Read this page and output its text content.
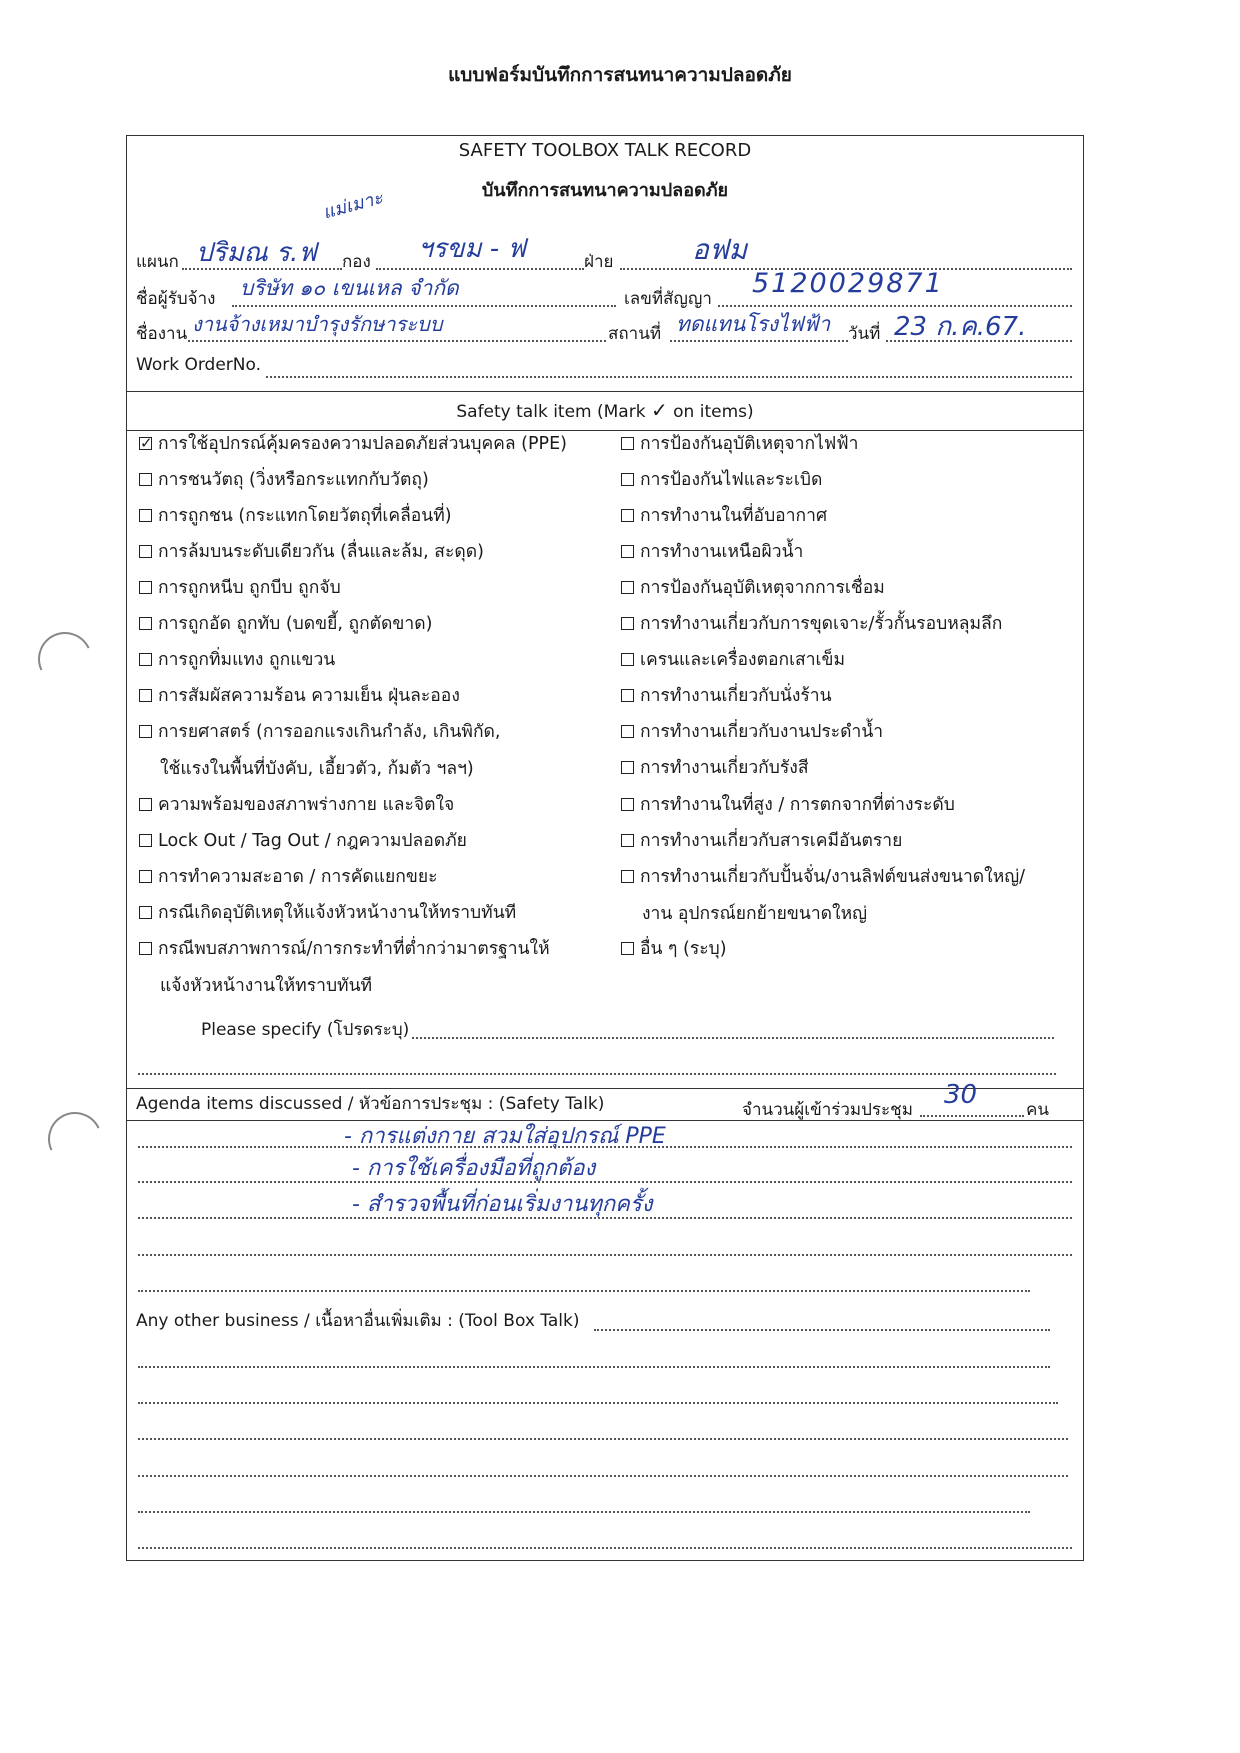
แบบฟอร์มบันทึกการสนทนาความปลอดภัย
SAFETY TOOLBOX TALK RECORD
บันทึกการสนทนาความปลอดภัย
แผนก ปริมณ ร.ฟ
แม่เมาะ
กอง ฯรขม - ฟ	ฝ่าย	อฟม
ชื่อผู้รับจ้าง บริษัท ๑๐ เขนเหล จำกัด	เลขที่สัญญา 5120029871
ชื่องาน งานจ้างเหมาบำรุงรักษาระบบ	สถานที่ ทดแทนโรงไฟฟ้า วันที่ 23 ก.ค.67.
Work OrderNo.
Safety talk item (Mark ✓ on items)
✓การใช้อุปกรณ์คุ้มครองความปลอดภัยส่วนบุคคล (PPE)
การชนวัตถุ (วิ่งหรือกระแทกกับวัตถุ)
การถูกชน (กระแทกโดยวัตถุที่เคลื่อนที่)
การล้มบนระดับเดียวกัน (ลื่นและล้ม, สะดุด)
การถูกหนีบ ถูกบีบ ถูกจับ
การถูกอัด ถูกทับ (บดขยี้, ถูกตัดขาด)
การถูกทิ่มแทง ถูกแขวน
การสัมผัสความร้อน ความเย็น ฝุ่นละออง
การยศาสตร์ (การออกแรงเกินกำลัง, เกินพิกัด,
ใช้แรงในพื้นที่บังคับ, เอี้ยวตัว, ก้มตัว ฯลฯ)
ความพร้อมของสภาพร่างกาย และจิตใจ
Lock Out / Tag Out / กฎความปลอดภัย
การทำความสะอาด / การคัดแยกขยะ
กรณีเกิดอุบัติเหตุให้แจ้งหัวหน้างานให้ทราบทันที
กรณีพบสภาพการณ์/การกระทำที่ต่ำกว่ามาตรฐานให้
แจ้งหัวหน้างานให้ทราบทันที
การป้องกันอุบัติเหตุจากไฟฟ้า
การป้องกันไฟและระเบิด
การทำงานในที่อับอากาศ
การทำงานเหนือผิวน้ำ
การป้องกันอุบัติเหตุจากการเชื่อม
การทำงานเกี่ยวกับการขุดเจาะ/รั้วกั้นรอบหลุมลึก
เครนและเครื่องตอกเสาเข็ม
การทำงานเกี่ยวกับนั่งร้าน
การทำงานเกี่ยวกับงานประดำน้ำ
การทำงานเกี่ยวกับรังสี
การทำงานในที่สูง / การตกจากที่ต่างระดับ
การทำงานเกี่ยวกับสารเคมีอันตราย
การทำงานเกี่ยวกับปั้นจั่น/งานลิฟต์ขนส่งขนาดใหญ่/
งาน อุปกรณ์ยกย้ายขนาดใหญ่
อื่น ๆ (ระบุ)
Please specify (โปรดระบุ)
Agenda items discussed / หัวข้อการประชุม : (Safety Talk)	จำนวนผู้เข้าร่วมประชุม 30	คน
- การแต่งกาย สวมใส่อุปกรณ์ PPE
- การใช้เครื่องมือที่ถูกต้อง
- สำรวจพื้นที่ก่อนเริ่มงานทุกครั้ง
Any other business / เนื้อหาอื่นเพิ่มเติม : (Tool Box Talk)
